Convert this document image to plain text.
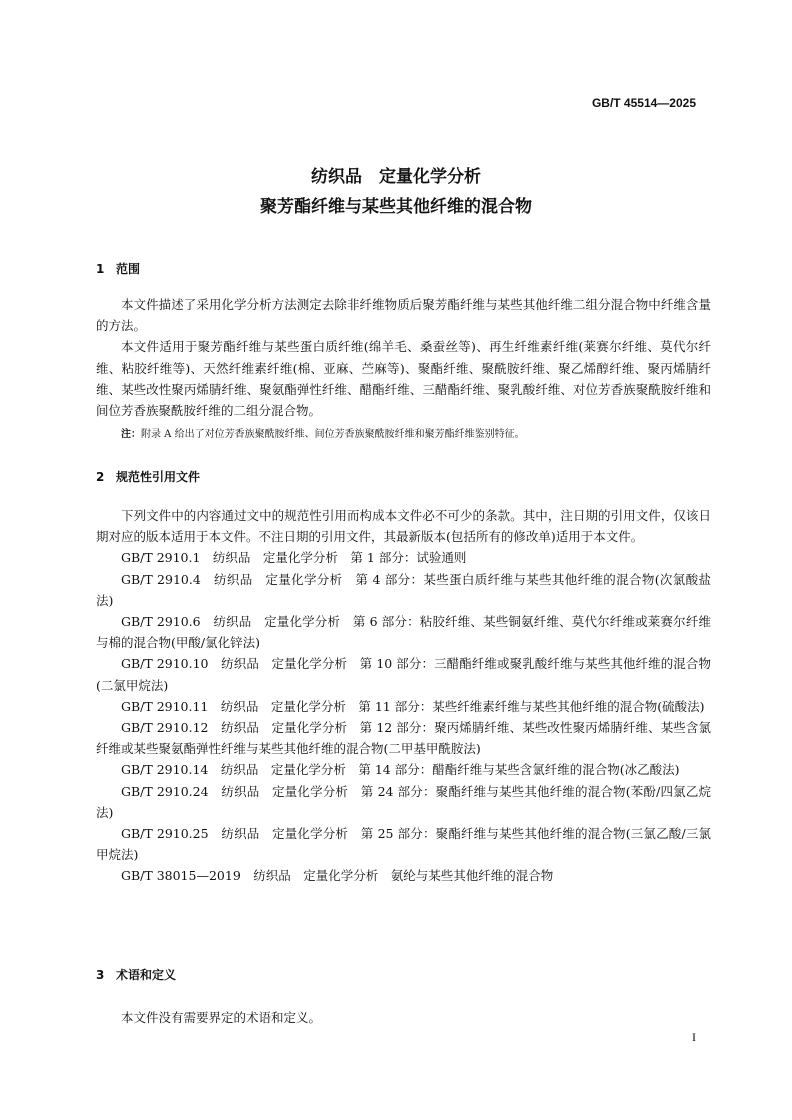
GB/T 45514—2025
纺织品　定量化学分析
聚芳酯纤维与某些其他纤维的混合物
1 范围

本文件描述了采用化学分析方法测定去除非纤维物质后聚芳酯纤维与某些其他纤维二组分混合物中纤维含量的方法。

本文件适用于聚芳酯纤维与某些蛋白质纤维(绵羊毛、桑蚕丝等)、再生纤维素纤维(莱赛尔纤维、莫代尔纤维、粘胶纤维等)、天然纤维素纤维(棉、亚麻、苎麻等)、聚酯纤维、聚酰胺纤维、聚乙烯醇纤维、聚丙烯腈纤维、某些改性聚丙烯腈纤维、聚氨酯弹性纤维、醋酯纤维、三醋酯纤维、聚乳酸纤维、对位芳香族聚酰胺纤维和间位芳香族聚酰胺纤维的二组分混合物。

注：附录 A 给出了对位芳香族聚酰胺纤维、间位芳香族聚酰胺纤维和聚芳酯纤维鉴别特征。
2 规范性引用文件

下列文件中的内容通过文中的规范性引用而构成本文件必不可少的条款。其中，注日期的引用文件，仅该日期对应的版本适用于本文件。不注日期的引用文件，其最新版本(包括所有的修改单)适用于本文件。

GB/T 2910.1　纺织品　定量化学分析　第 1 部分：试验通则

GB/T 2910.4　纺织品　定量化学分析　第 4 部分：某些蛋白质纤维与某些其他纤维的混合物(次氯酸盐法)

GB/T 2910.6　纺织品　定量化学分析　第 6 部分：粘胶纤维、某些铜氨纤维、莫代尔纤维或莱赛尔纤维与棉的混合物(甲酸/氯化锌法)

GB/T 2910.10　纺织品　定量化学分析　第 10 部分：三醋酯纤维或聚乳酸纤维与某些其他纤维的混合物(二氯甲烷法)

GB/T 2910.11　纺织品　定量化学分析　第 11 部分：某些纤维素纤维与某些其他纤维的混合物(硫酸法)

GB/T 2910.12　纺织品　定量化学分析　第 12 部分：聚丙烯腈纤维、某些改性聚丙烯腈纤维、某些含氯纤维或某些聚氨酯弹性纤维与某些其他纤维的混合物(二甲基甲酰胺法)

GB/T 2910.14　纺织品　定量化学分析　第 14 部分：醋酯纤维与某些含氯纤维的混合物(冰乙酸法)

GB/T 2910.24　纺织品　定量化学分析　第 24 部分：聚酯纤维与某些其他纤维的混合物(苯酚/四氯乙烷法)

GB/T 2910.25　纺织品　定量化学分析　第 25 部分：聚酯纤维与某些其他纤维的混合物(三氯乙酸/三氯甲烷法)

GB/T 38015—2019　纺织品　定量化学分析　氨纶与某些其他纤维的混合物

3 术语和定义

本文件没有需要界定的术语和定义。

I
